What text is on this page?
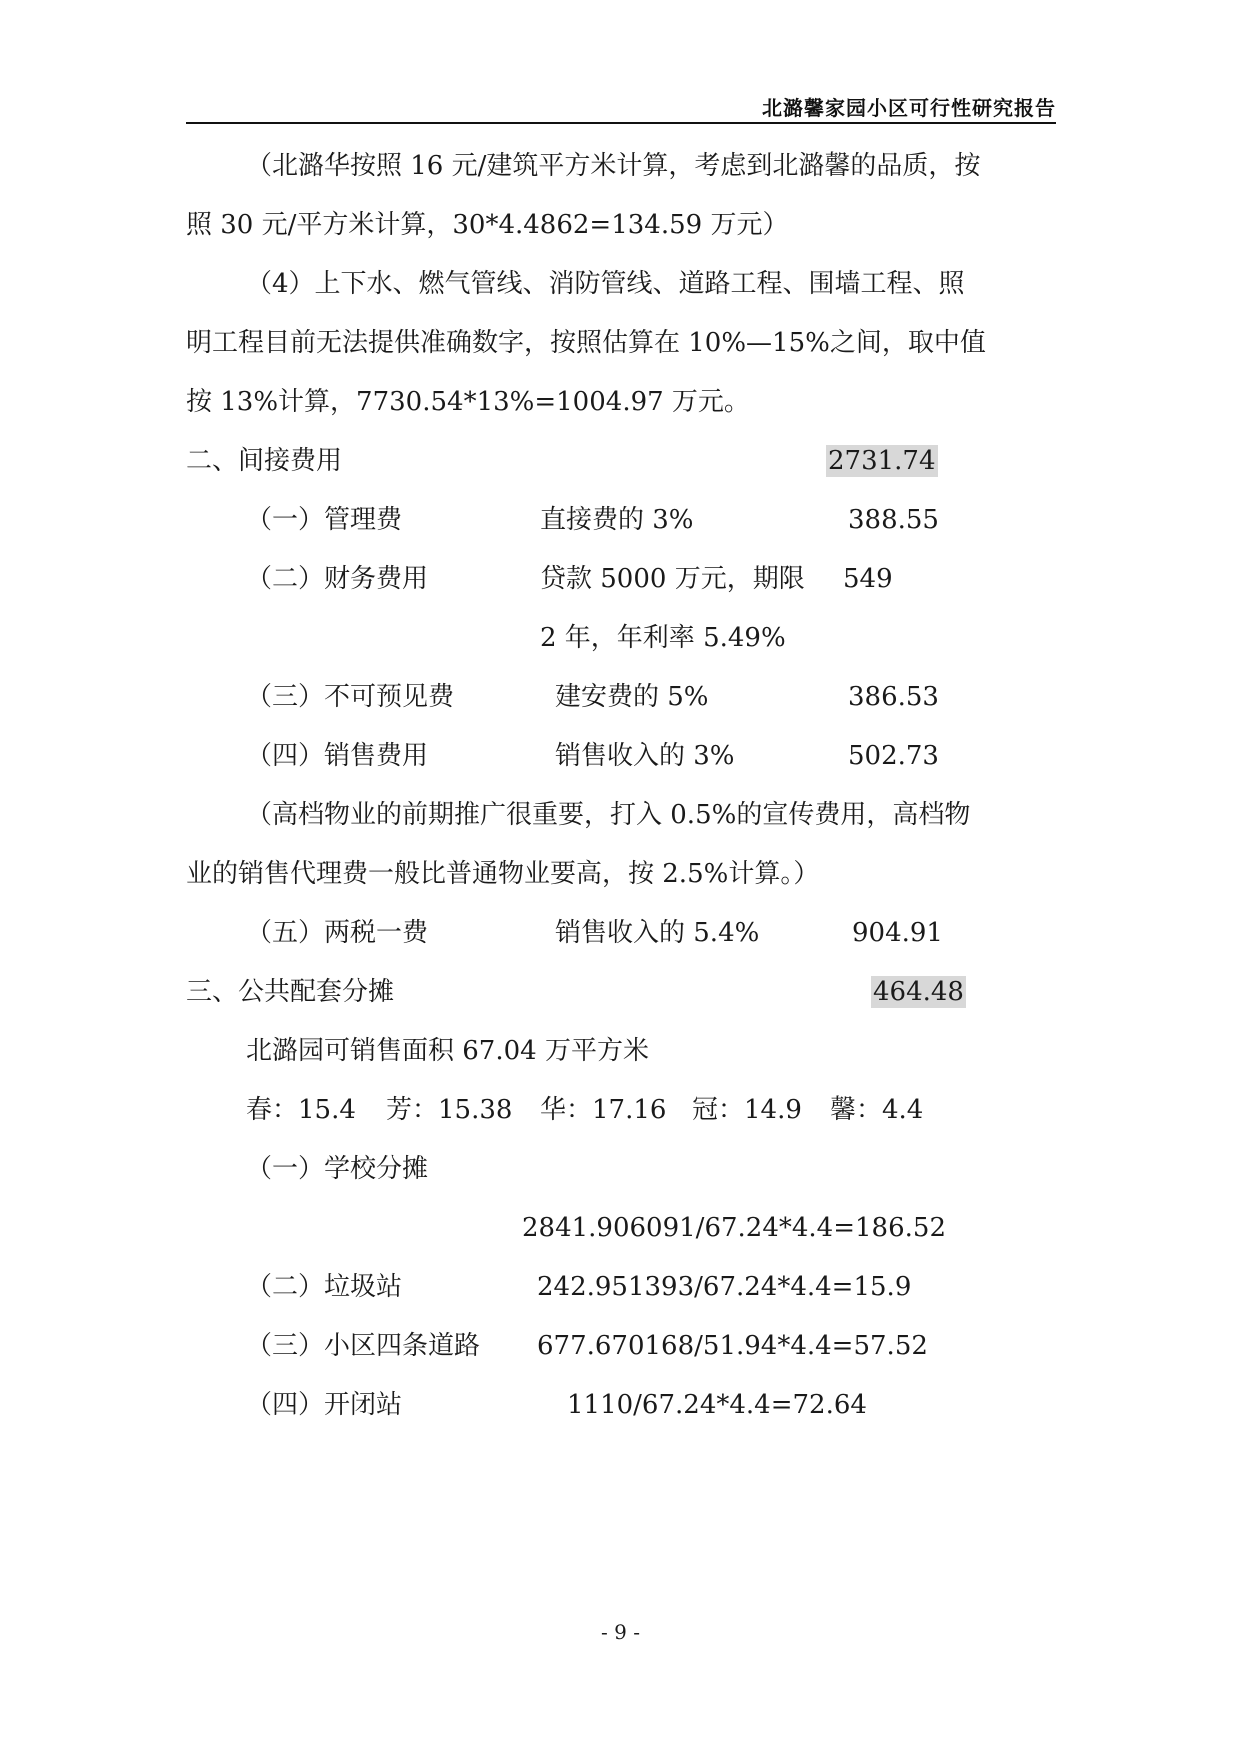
北潞馨家园小区可行性研究报告
（北潞华按照 16 元/建筑平方米计算，考虑到北潞馨的品质，按
照 30 元/平方米计算，30*4.4862=134.59 万元）
（4）上下水、燃气管线、消防管线、道路工程、围墙工程、照
明工程目前无法提供准确数字，按照估算在 10%—15%之间，取中值
按 13%计算，7730.54*13%=1004.97 万元。
二、间接费用	2731.74
（一）管理费	直接费的 3%	388.55
（二）财务费用	贷款 5000 万元，期限 549
2 年，年利率 5.49%
（三）不可预见费	建安费的 5%	386.53
（四）销售费用	销售收入的 3%	502.73
（高档物业的前期推广很重要，打入 0.5%的宣传费用，高档物
业的销售代理费一般比普通物业要高，按 2.5%计算。）
（五）两税一费	销售收入的 5.4%	904.91
三、公共配套分摊	464.48
北潞园可销售面积 67.04 万平方米
春：15.4 芳：15.38 华：17.16 冠：14.9 馨：4.4
（一）学校分摊
2841.906091/67.24*4.4=186.52
（二）垃圾站	242.951393/67.24*4.4=15.9
（三）小区四条道路 677.670168/51.94*4.4=57.52
（四）开闭站	1110/67.24*4.4=72.64
- 9 -
